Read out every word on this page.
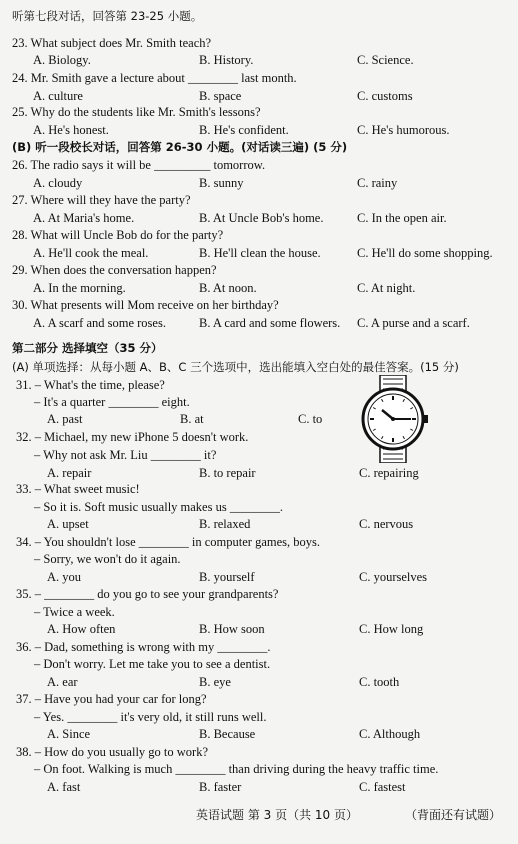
听第七段对话，回答第 23-25 小题。
23. What subject does Mr. Smith teach?
A. Biology.	B. History.	C. Science.
24. Mr. Smith gave a lecture about ________ last month.
A. culture	B. space	C. customs
25. Why do the students like Mr. Smith's lessons?
A. He's honest.	B. He's confident.	C. He's humorous.
(B) 听一段校长对话，回答第 26-30 小题。(对话读三遍) (5 分)
26. The radio says it will be _________ tomorrow.
A. cloudy	B. sunny	C. rainy
27. Where will they have the party?
A. At Maria's home.	B. At Uncle Bob's home.	C. In the open air.
28. What will Uncle Bob do for the party?
A. He'll cook the meal.	B. He'll clean the house.	C. He'll do some shopping.
29. When does the conversation happen?
A. In the morning.	B. At noon.	C. At night.
30. What presents will Mom receive on her birthday?
A. A scarf and some roses.	B. A card and some flowers. C. A purse and a scarf.
第二部分 选择填空（35 分）
(A) 单项选择：从每小题 A、B、C 三个选项中，选出能填入空白处的最佳答案。(15 分)
31. – What's the time, please?
– It's a quarter ________ eight.
A. past	B. at	C. to
32. – Michael, my new iPhone 5 doesn't work.
– Why not ask Mr. Liu ________ it?
A. repair	B. to repair	C. repairing
33. – What sweet music!
– So it is. Soft music usually makes us ________.
A. upset	B. relaxed	C. nervous
34. – You shouldn't lose ________ in computer games, boys.
– Sorry, we won't do it again.
A. you	B. yourself	C. yourselves
35. – ________ do you go to see your grandparents?
– Twice a week.
A. How often	B. How soon	C. How long
36. – Dad, something is wrong with my ________.
– Don't worry. Let me take you to see a dentist.
A. ear	B. eye	C. tooth
37. – Have you had your car for long?
– Yes. ________ it's very old, it still runs well.
A. Since	B. Because	C. Although
38. – How do you usually go to work?
– On foot. Walking is much ________ than driving during the heavy traffic time.
A. fast	B. faster	C. fastest
英语试题 第 3 页（共 10 页）	（背面还有试题）
